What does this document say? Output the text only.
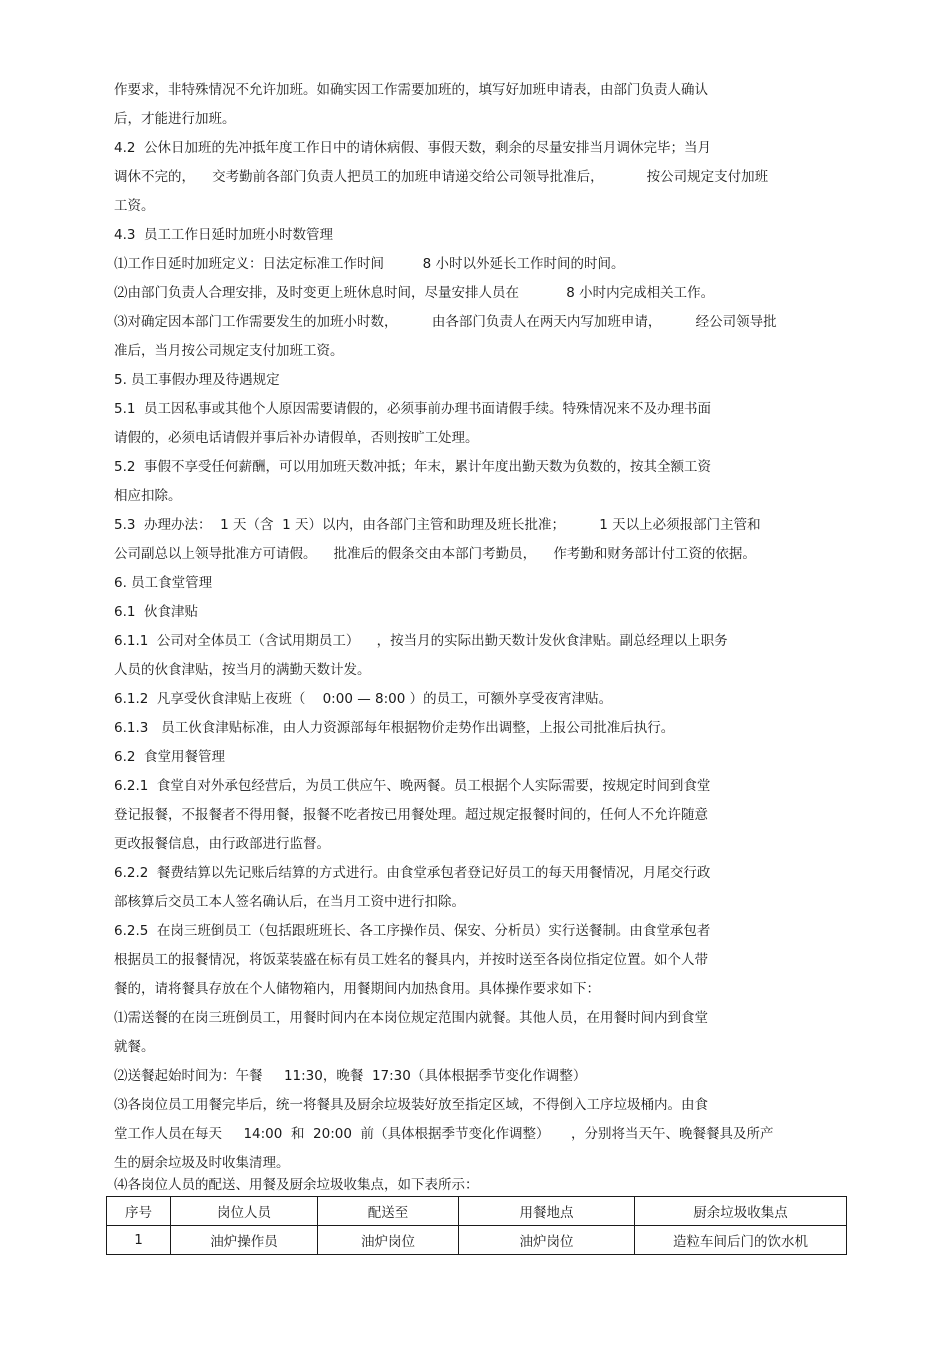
作要求，非特殊情况不允许加班。如确实因工作需要加班的，填写好加班申请表，由部门负责人确认
后，才能进行加班。
4.2  公休日加班的先冲抵年度工作日中的请休病假、事假天数，剩余的尽量安排当月调休完毕；当月
调休不完的，    交考勤前各部门负责人把员工的加班申请递交给公司领导批准后，          按公司规定支付加班
工资。
4.3  员工工作日延时加班小时数管理
⑴工作日延时加班定义：日法定标准工作时间         8 小时以外延长工作时间的时间。
⑵由部门负责人合理安排，及时变更上班休息时间，尽量安排人员在           8 小时内完成相关工作。
⑶对确定因本部门工作需要发生的加班小时数，        由各部门负责人在两天内写加班申请，        经公司领导批
准后，当月按公司规定支付加班工资。
5. 员工事假办理及待遇规定
5.1  员工因私事或其他个人原因需要请假的，必须事前办理书面请假手续。特殊情况来不及办理书面
请假的，必须电话请假并事后补办请假单，否则按旷工处理。
5.2  事假不享受任何薪酬，可以用加班天数冲抵；年末，累计年度出勤天数为负数的，按其全额工资
相应扣除。
5.3  办理办法：  1 天（含  1 天）以内，由各部门主管和助理及班长批准；        1 天以上必须报部门主管和
公司副总以上领导批准方可请假。    批准后的假条交由本部门考勤员，    作考勤和财务部计付工资的依据。
6. 员工食堂管理
6.1  伙食津贴
6.1.1  公司对全体员工（含试用期员工）    ，按当月的实际出勤天数计发伙食津贴。副总经理以上职务
人员的伙食津贴，按当月的满勤天数计发。
6.1.2  凡享受伙食津贴上夜班（    0:00 — 8:00 ）的员工，可额外享受夜宵津贴。
6.1.3   员工伙食津贴标准，由人力资源部每年根据物价走势作出调整，上报公司批准后执行。
6.2  食堂用餐管理
6.2.1  食堂自对外承包经营后，为员工供应午、晚两餐。员工根据个人实际需要，按规定时间到食堂
登记报餐，不报餐者不得用餐，报餐不吃者按已用餐处理。超过规定报餐时间的，任何人不允许随意
更改报餐信息，由行政部进行监督。
6.2.2  餐费结算以先记账后结算的方式进行。由食堂承包者登记好员工的每天用餐情况，月尾交行政
部核算后交员工本人签名确认后，在当月工资中进行扣除。
6.2.5  在岗三班倒员工（包括跟班班长、各工序操作员、保安、分析员）实行送餐制。由食堂承包者
根据员工的报餐情况，将饭菜装盛在标有员工姓名的餐具内，并按时送至各岗位指定位置。如个人带
餐的，请将餐具存放在个人储物箱内，用餐期间内加热食用。具体操作要求如下：
⑴需送餐的在岗三班倒员工，用餐时间内在本岗位规定范围内就餐。其他人员，在用餐时间内到食堂
就餐。
⑵送餐起始时间为：午餐     11:30，晚餐  17:30（具体根据季节变化作调整）
⑶各岗位员工用餐完毕后，统一将餐具及厨余垃圾装好放至指定区域，不得倒入工序垃圾桶内。由食
堂工作人员在每天     14:00  和  20:00  前（具体根据季节变化作调整）     ，分别将当天午、晚餐餐具及所产
生的厨余垃圾及时收集清理。
⑷各岗位人员的配送、用餐及厨余垃圾收集点，如下表所示：
序号	岗位人员	配送至	用餐地点	厨余垃圾收集点
1	油炉操作员	油炉岗位	油炉岗位	造粒车间后门的饮水机
